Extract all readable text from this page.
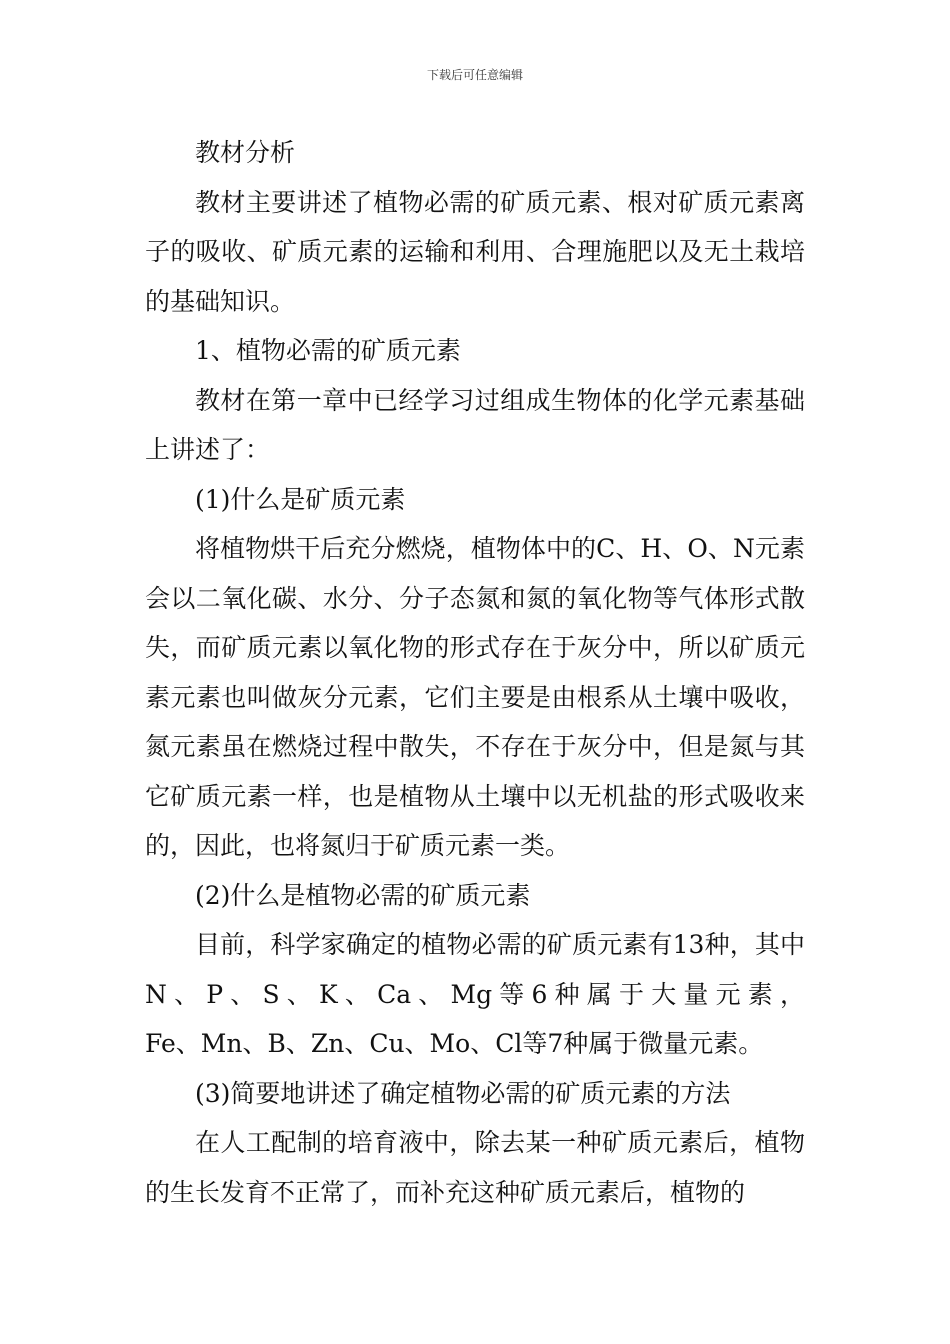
下载后可任意编辑

教材分析

教材主要讲述了植物必需的矿质元素、根对矿质元素离子的吸收、矿质元素的运输和利用、合理施肥以及无土栽培的基础知识。

1、植物必需的矿质元素

教材在第一章中已经学习过组成生物体的化学元素基础上讲述了：

(1)什么是矿质元素

将植物烘干后充分燃烧，植物体中的C、H、O、N元素会以二氧化碳、水分、分子态氮和氮的氧化物等气体形式散失，而矿质元素以氧化物的形式存在于灰分中，所以矿质元素元素也叫做灰分元素，它们主要是由根系从土壤中吸收，氮元素虽在燃烧过程中散失，不存在于灰分中，但是氮与其它矿质元素一样，也是植物从土壤中以无机盐的形式吸收来的，因此，也将氮归于矿质元素一类。

(2)什么是植物必需的矿质元素

目前，科学家确定的植物必需的矿质元素有13种，其中N、P、S、K、Ca、Mg等6种属于大量元素，

Fe、Mn、B、Zn、Cu、Mo、Cl等7种属于微量元素。

(3)简要地讲述了确定植物必需的矿质元素的方法

在人工配制的培育液中，除去某一种矿质元素后，植物的生长发育不正常了，而补充这种矿质元素后，植物的
